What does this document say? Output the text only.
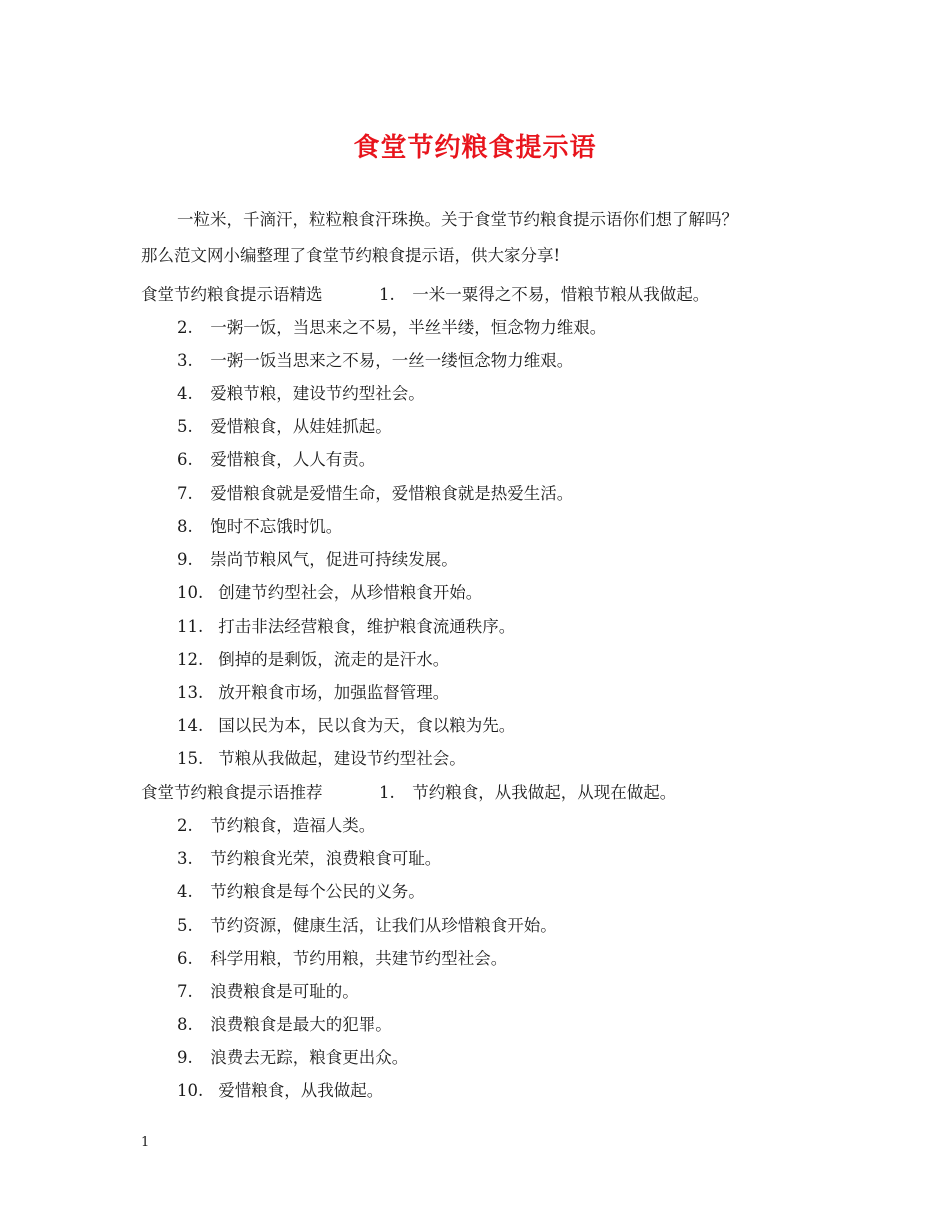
食堂节约粮食提示语
一粒米，千滴汗，粒粒粮食汗珠换。关于食堂节约粮食提示语你们想了解吗？
那么范文网小编整理了食堂节约粮食提示语，供大家分享!
食堂节约粮食提示语精选	1. 一米一粟得之不易，惜粮节粮从我做起。
2. 一粥一饭，当思来之不易，半丝半缕，恒念物力维艰。
3. 一粥一饭当思来之不易，一丝一缕恒念物力维艰。
4. 爱粮节粮，建设节约型社会。
5. 爱惜粮食，从娃娃抓起。
6. 爱惜粮食，人人有责。
7. 爱惜粮食就是爱惜生命，爱惜粮食就是热爱生活。
8. 饱时不忘饿时饥。
9. 崇尚节粮风气，促进可持续发展。
10. 创建节约型社会，从珍惜粮食开始。
11. 打击非法经营粮食，维护粮食流通秩序。
12. 倒掉的是剩饭，流走的是汗水。
13. 放开粮食市场，加强监督管理。
14. 国以民为本，民以食为天，食以粮为先。
15. 节粮从我做起，建设节约型社会。
食堂节约粮食提示语推荐	1. 节约粮食，从我做起，从现在做起。
2. 节约粮食，造福人类。
3. 节约粮食光荣，浪费粮食可耻。
4. 节约粮食是每个公民的义务。
5. 节约资源，健康生活，让我们从珍惜粮食开始。
6. 科学用粮，节约用粮，共建节约型社会。
7. 浪费粮食是可耻的。
8. 浪费粮食是最大的犯罪。
9. 浪费去无踪，粮食更出众。
10. 爱惜粮食，从我做起。
1
